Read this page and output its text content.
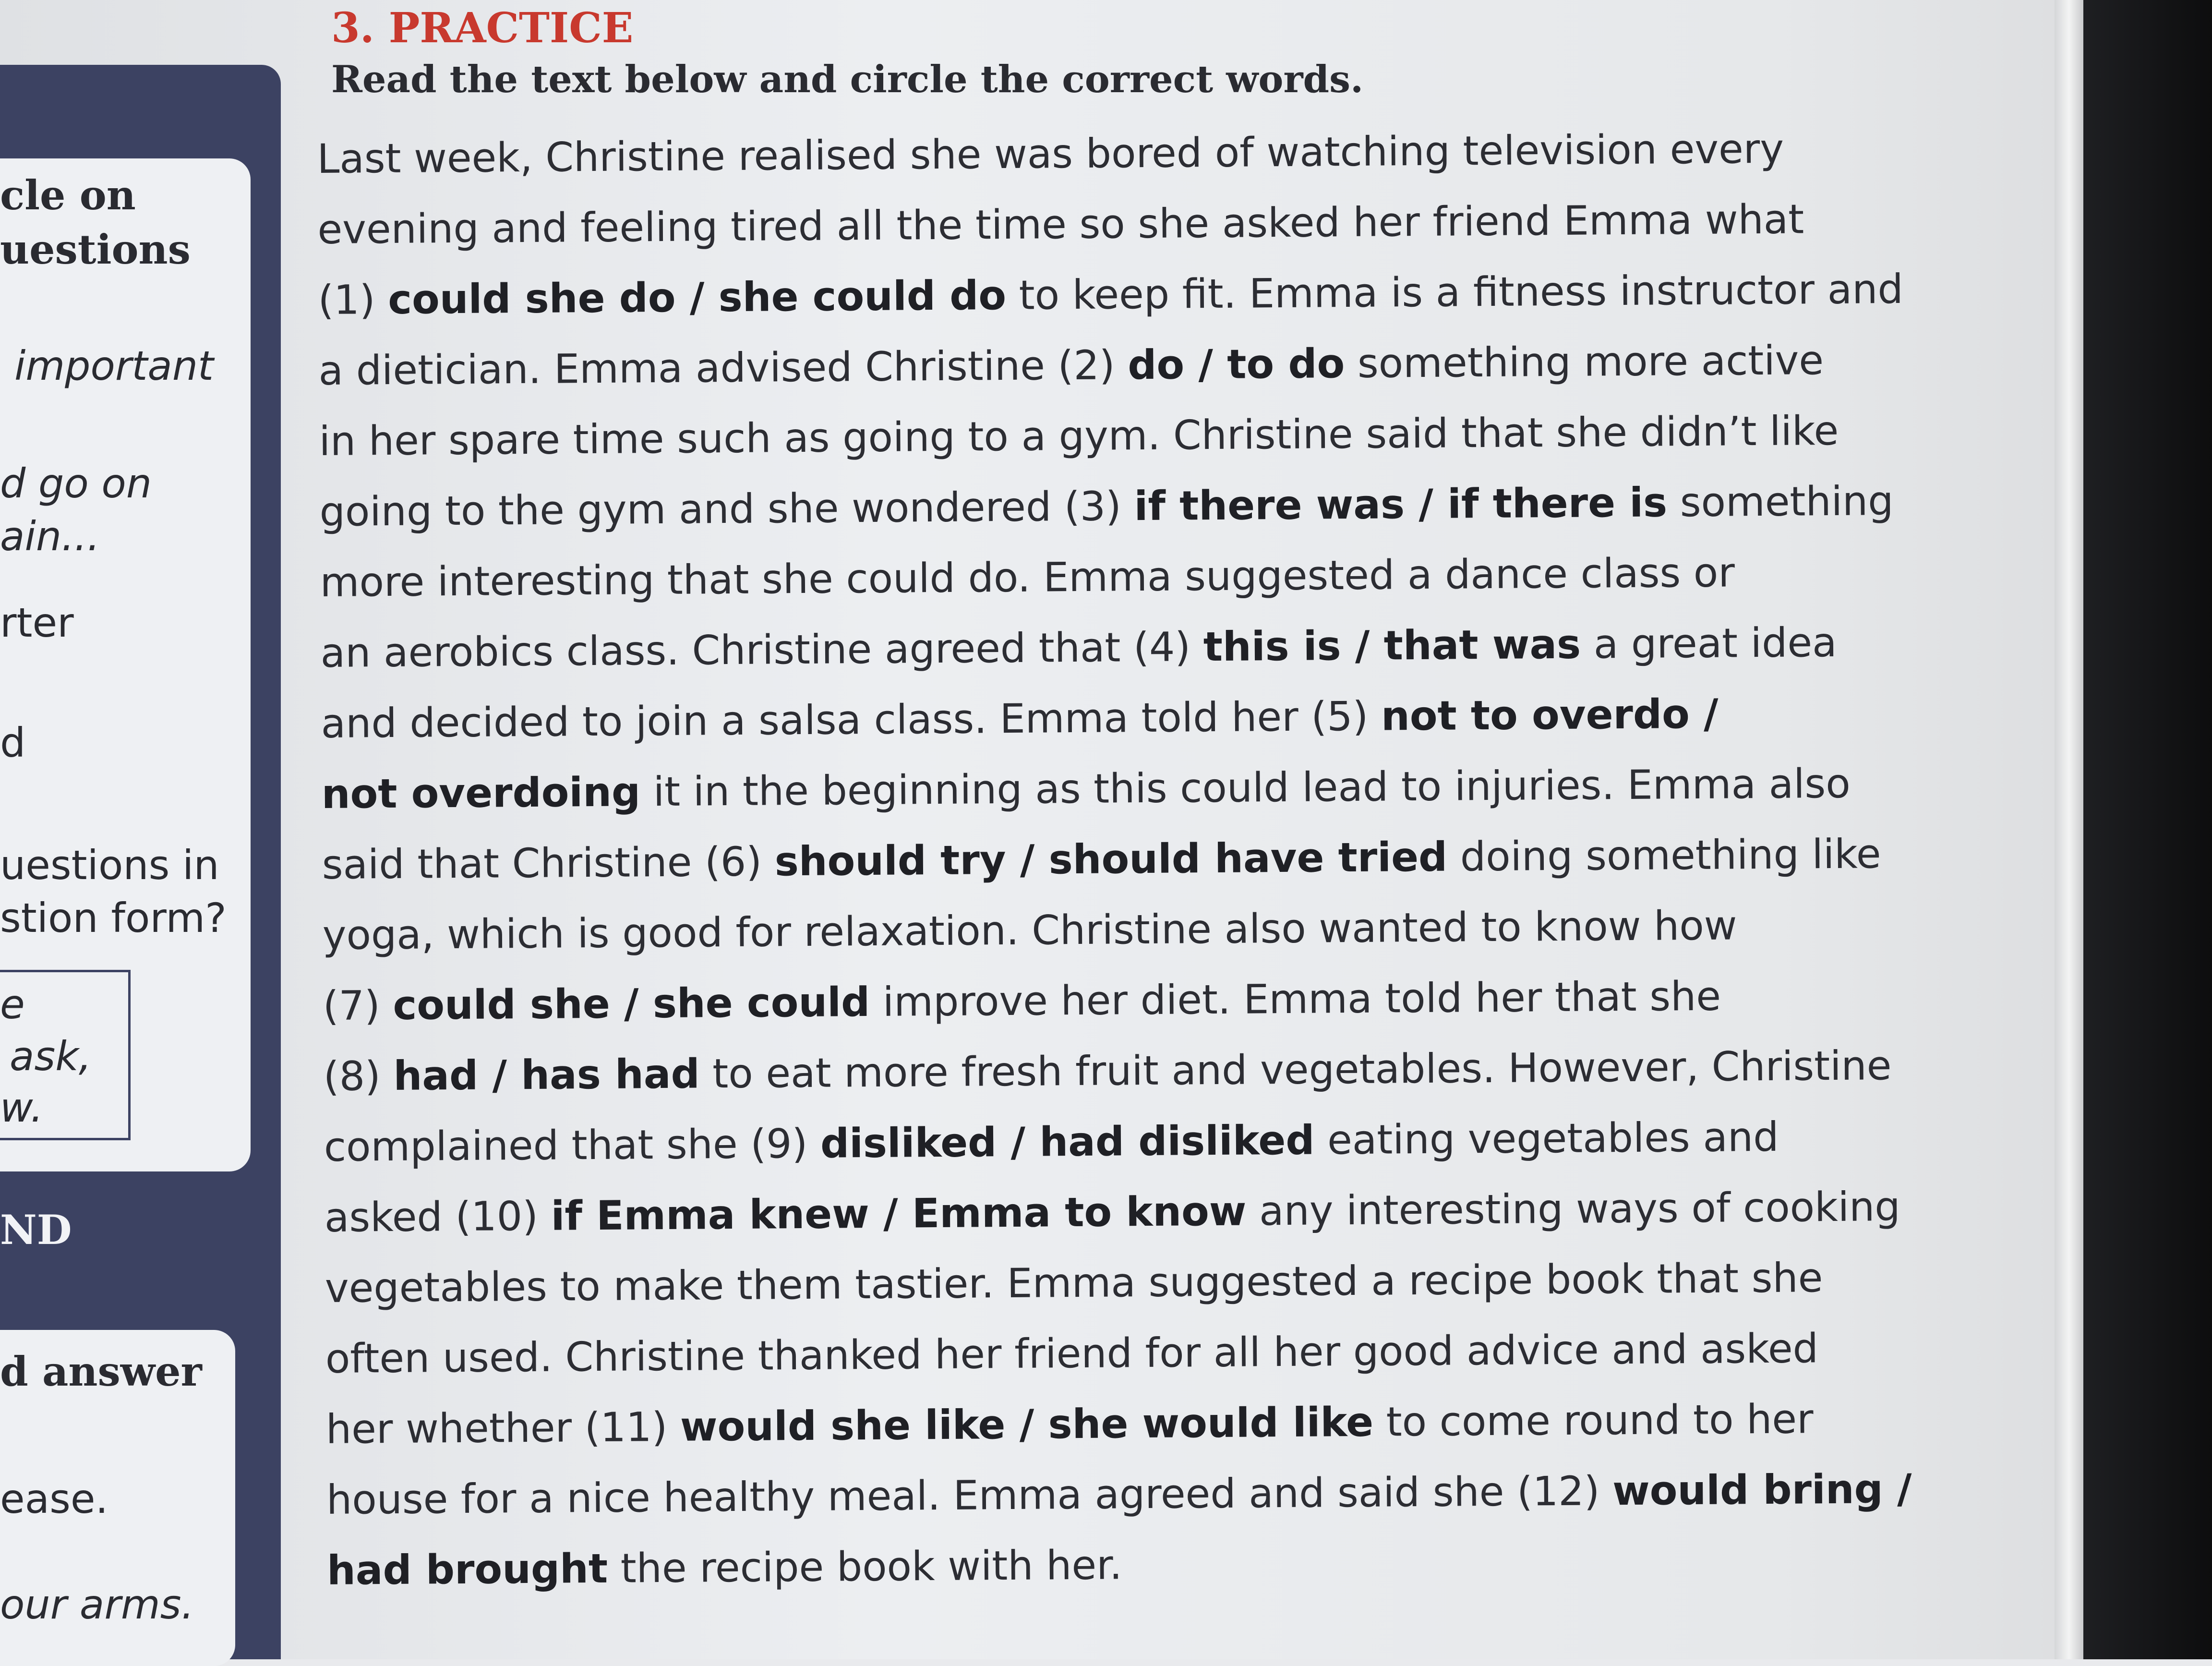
cle on

uestions

important

d go on

ain...

rter

d

uestions in

stion form?

e

ask,

w.

ND

d answer

ease.

our arms.

3. PRACTICE

Read the text below and circle the correct words.

Last week, Christine realised she was bored of watching television every

evening and feeling tired all the time so she asked her friend Emma what

(1) could she do / she could do to keep fit. Emma is a fitness instructor and

a dietician. Emma advised Christine (2) do / to do something more active

in her spare time such as going to a gym. Christine said that she didn’t like

going to the gym and she wondered (3) if there was / if there is something

more interesting that she could do. Emma suggested a dance class or

an aerobics class. Christine agreed that (4) this is / that was a great idea

and decided to join a salsa class. Emma told her (5) not to overdo /

not overdoing it in the beginning as this could lead to injuries. Emma also

said that Christine (6) should try / should have tried doing something like

yoga, which is good for relaxation. Christine also wanted to know how

(7) could she / she could improve her diet. Emma told her that she

(8) had / has had to eat more fresh fruit and vegetables. However, Christine

complained that she (9) disliked / had disliked eating vegetables and

asked (10) if Emma knew / Emma to know any interesting ways of cooking

vegetables to make them tastier. Emma suggested a recipe book that she

often used. Christine thanked her friend for all her good advice and asked

her whether (11) would she like / she would like to come round to her

house for a nice healthy meal. Emma agreed and said she (12) would bring /

had brought the recipe book with her.
